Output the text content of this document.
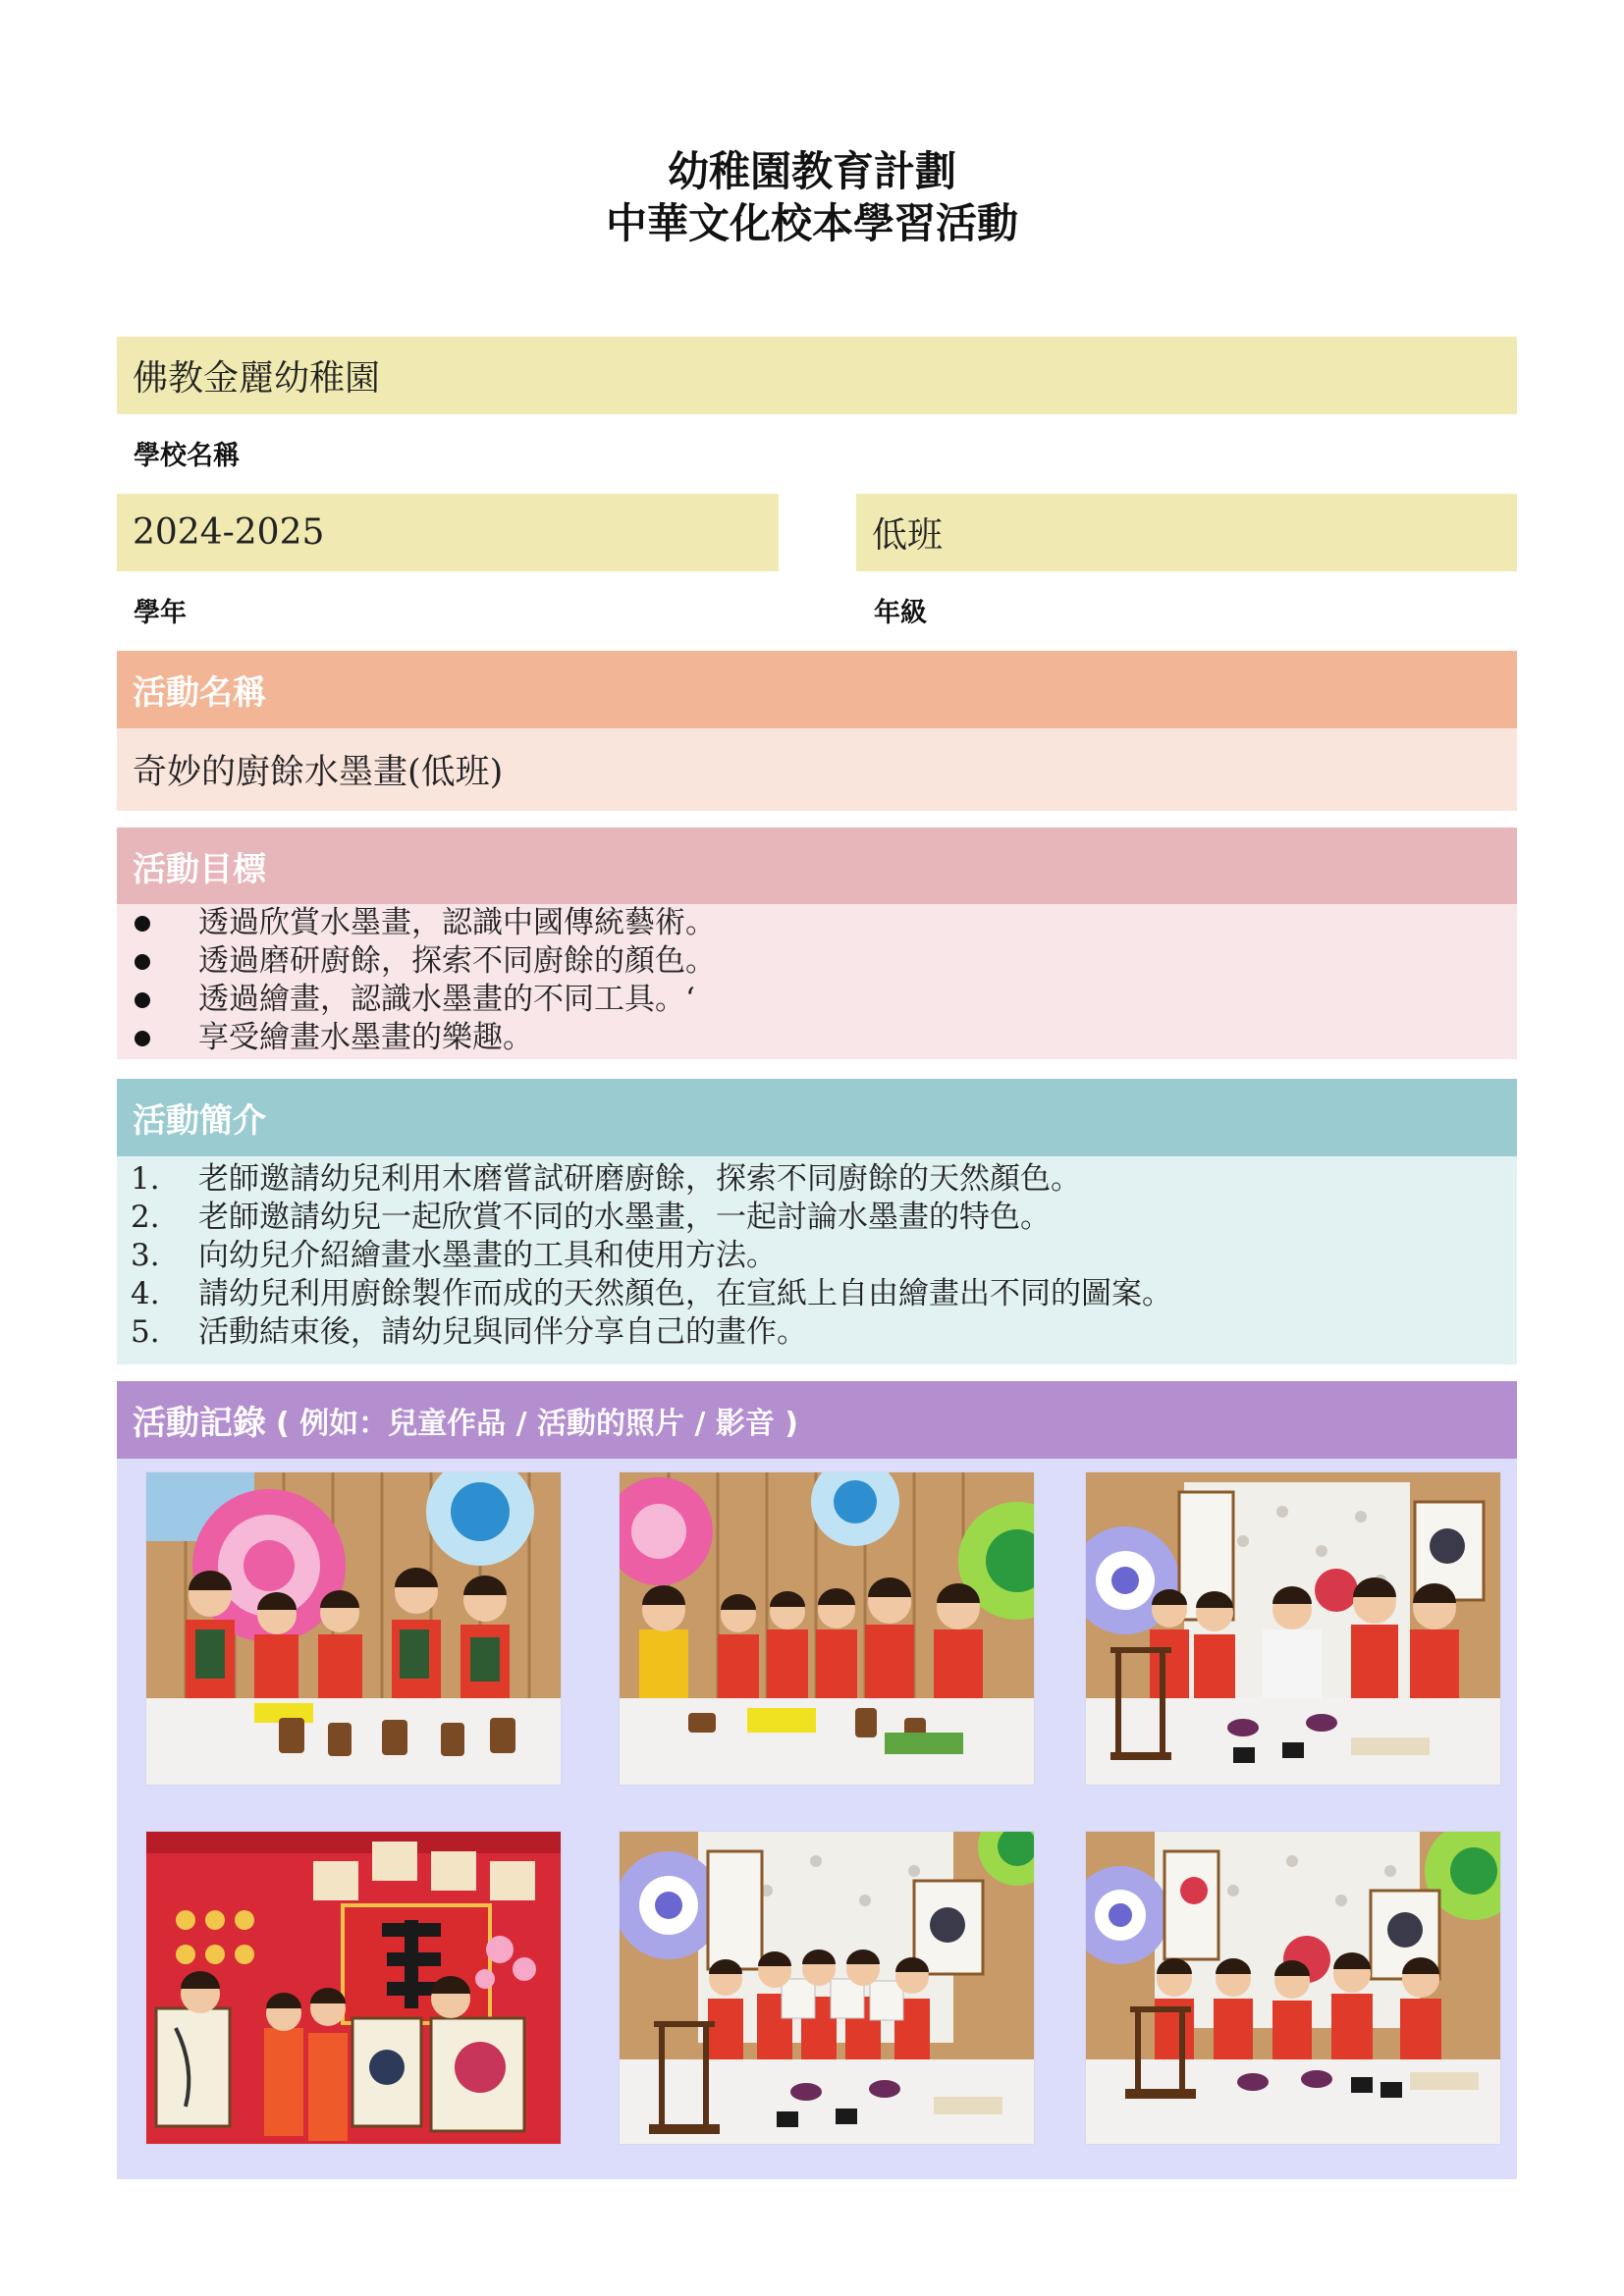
幼稚園教育計劃
中華文化校本學習活動
佛教金麗幼稚園
學校名稱
2024-2025
學年
低班
年級
活動名稱
奇妙的廚餘水墨畫(低班)
活動目標
透過欣賞水墨畫，認識中國傳統藝術。
透過磨研廚餘，探索不同廚餘的顏色。
透過繪畫，認識水墨畫的不同工具。‘
享受繪畫水墨畫的樂趣。
活動簡介
1. 老師邀請幼兒利用木磨嘗試研磨廚餘，探索不同廚餘的天然顏色。
2. 老師邀請幼兒一起欣賞不同的水墨畫，一起討論水墨畫的特色。
3. 向幼兒介紹繪畫水墨畫的工具和使用方法。
4. 請幼兒利用廚餘製作而成的天然顏色，在宣紙上自由繪畫出不同的圖案。
5. 活動結束後，請幼兒與同伴分享自己的畫作。
活動記錄 ( 例如：兒童作品 / 活動的照片 / 影音 )
